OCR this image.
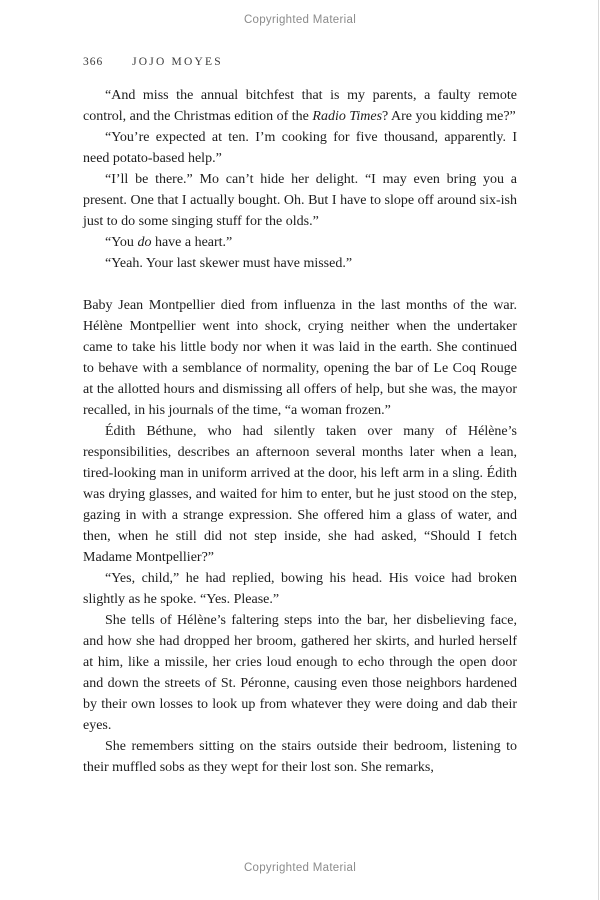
Copyrighted Material
366	JOJO MOYES

“And miss the annual bitchfest that is my parents, a faulty remote control, and the Christmas edition of the Radio Times? Are you kidding me?”

“You’re expected at ten. I’m cooking for five thousand, apparently. I need potato-based help.”

“I’ll be there.” Mo can’t hide her delight. “I may even bring you a present. One that I actually bought. Oh. But I have to slope off around six-ish just to do some singing stuff for the olds.”

“You do have a heart.”

“Yeah. Your last skewer must have missed.”

Baby Jean Montpellier died from influenza in the last months of the war. Hélène Montpellier went into shock, crying neither when the undertaker came to take his little body nor when it was laid in the earth. She continued to behave with a semblance of normality, opening the bar of Le Coq Rouge at the allotted hours and dismissing all offers of help, but she was, the mayor recalled, in his journals of the time, “a woman frozen.”

Édith Béthune, who had silently taken over many of Hélène’s responsibilities, describes an afternoon several months later when a lean, tired-looking man in uniform arrived at the door, his left arm in a sling. Édith was drying glasses, and waited for him to enter, but he just stood on the step, gazing in with a strange expression. She offered him a glass of water, and then, when he still did not step inside, she had asked, “Should I fetch Madame Montpellier?”

“Yes, child,” he had replied, bowing his head. His voice had broken slightly as he spoke. “Yes. Please.”

She tells of Hélène’s faltering steps into the bar, her disbelieving face, and how she had dropped her broom, gathered her skirts, and hurled herself at him, like a missile, her cries loud enough to echo through the open door and down the streets of St. Péronne, causing even those neighbors hardened by their own losses to look up from whatever they were doing and dab their eyes.

She remembers sitting on the stairs outside their bedroom, listening to their muffled sobs as they wept for their lost son. She remarks,

Copyrighted Material
